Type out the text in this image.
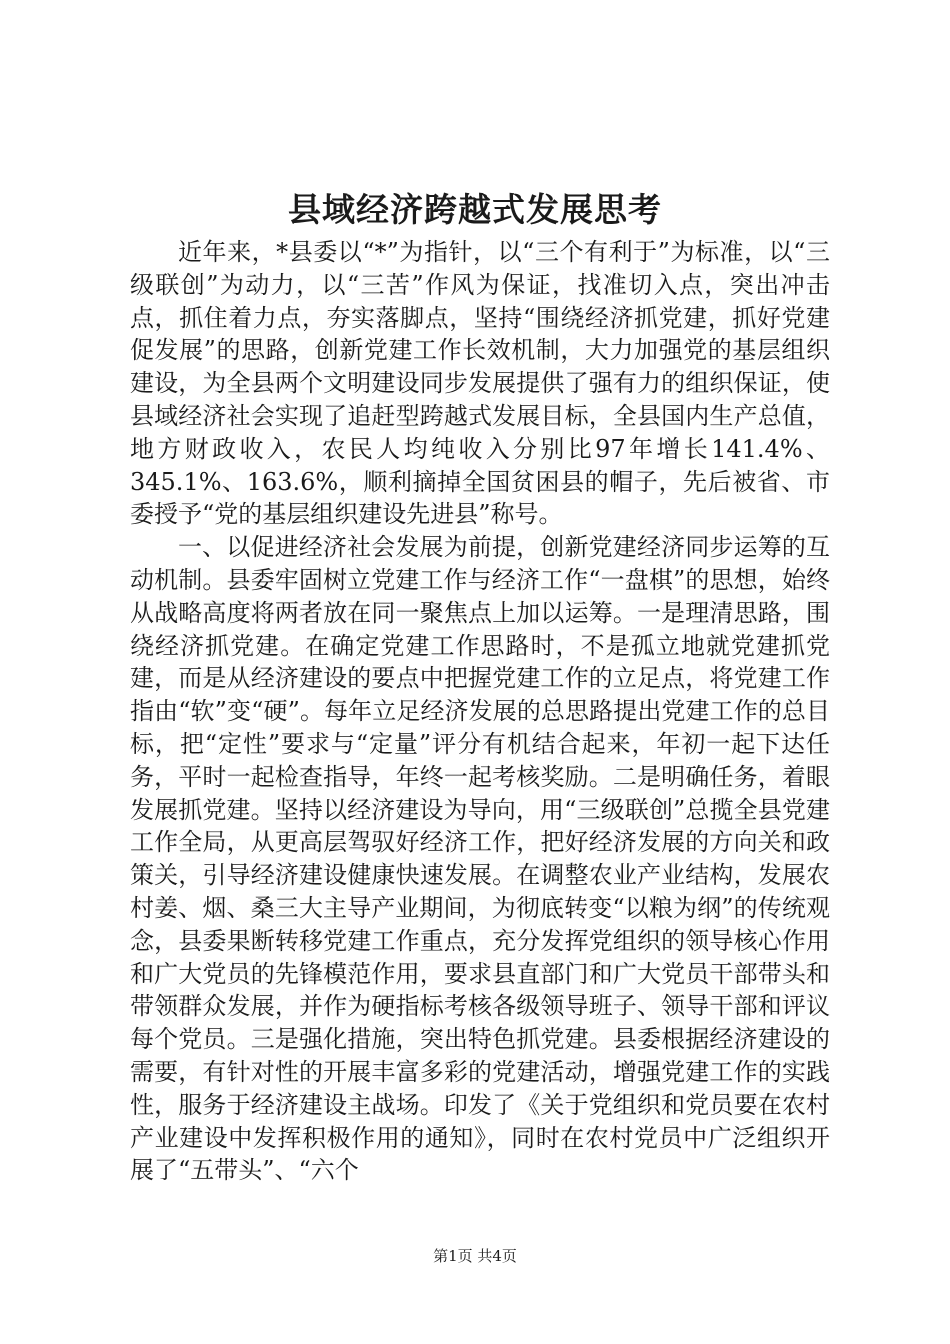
县域经济跨越式发展思考

近年来，*县委以“*”为指针，以“三个有利于”为标准，以“三级联创”为动力，以“三苦”作风为保证，找准切入点，突出冲击点，抓住着力点，夯实落脚点，坚持“围绕经济抓党建，抓好党建促发展”的思路，创新党建工作长效机制，大力加强党的基层组织建设，为全县两个文明建设同步发展提供了强有力的组织保证，使县域经济社会实现了追赶型跨越式发展目标，全县国内生产总值，地方财政收入，农民人均纯收入分别比97年增长141.4%、345.1%、163.6%，顺利摘掉全国贫困县的帽子，先后被省、市委授予“党的基层组织建设先进县”称号。

一、以促进经济社会发展为前提，创新党建经济同步运筹的互动机制。县委牢固树立党建工作与经济工作“一盘棋”的思想，始终从战略高度将两者放在同一聚焦点上加以运筹。一是理清思路，围绕经济抓党建。在确定党建工作思路时，不是孤立地就党建抓党建，而是从经济建设的要点中把握党建工作的立足点，将党建工作指由“软”变“硬”。每年立足经济发展的总思路提出党建工作的总目标，把“定性”要求与“定量”评分有机结合起来，年初一起下达任务，平时一起检查指导，年终一起考核奖励。二是明确任务，着眼发展抓党建。坚持以经济建设为导向，用“三级联创”总揽全县党建工作全局，从更高层驾驭好经济工作，把好经济发展的方向关和政策关，引导经济建设健康快速发展。在调整农业产业结构，发展农村姜、烟、桑三大主导产业期间，为彻底转变“以粮为纲”的传统观念，县委果断转移党建工作重点，充分发挥党组织的领导核心作用和广大党员的先锋模范作用，要求县直部门和广大党员干部带头和带领群众发展，并作为硬指标考核各级领导班子、领导干部和评议每个党员。三是强化措施，突出特色抓党建。县委根据经济建设的需要，有针对性的开展丰富多彩的党建活动，增强党建工作的实践性，服务于经济建设主战场。印发了《关于党组织和党员要在农村产业建设中发挥积极作用的通知》，同时在农村党员中广泛组织开展了“五带头”、“六个

第1页 共4页
